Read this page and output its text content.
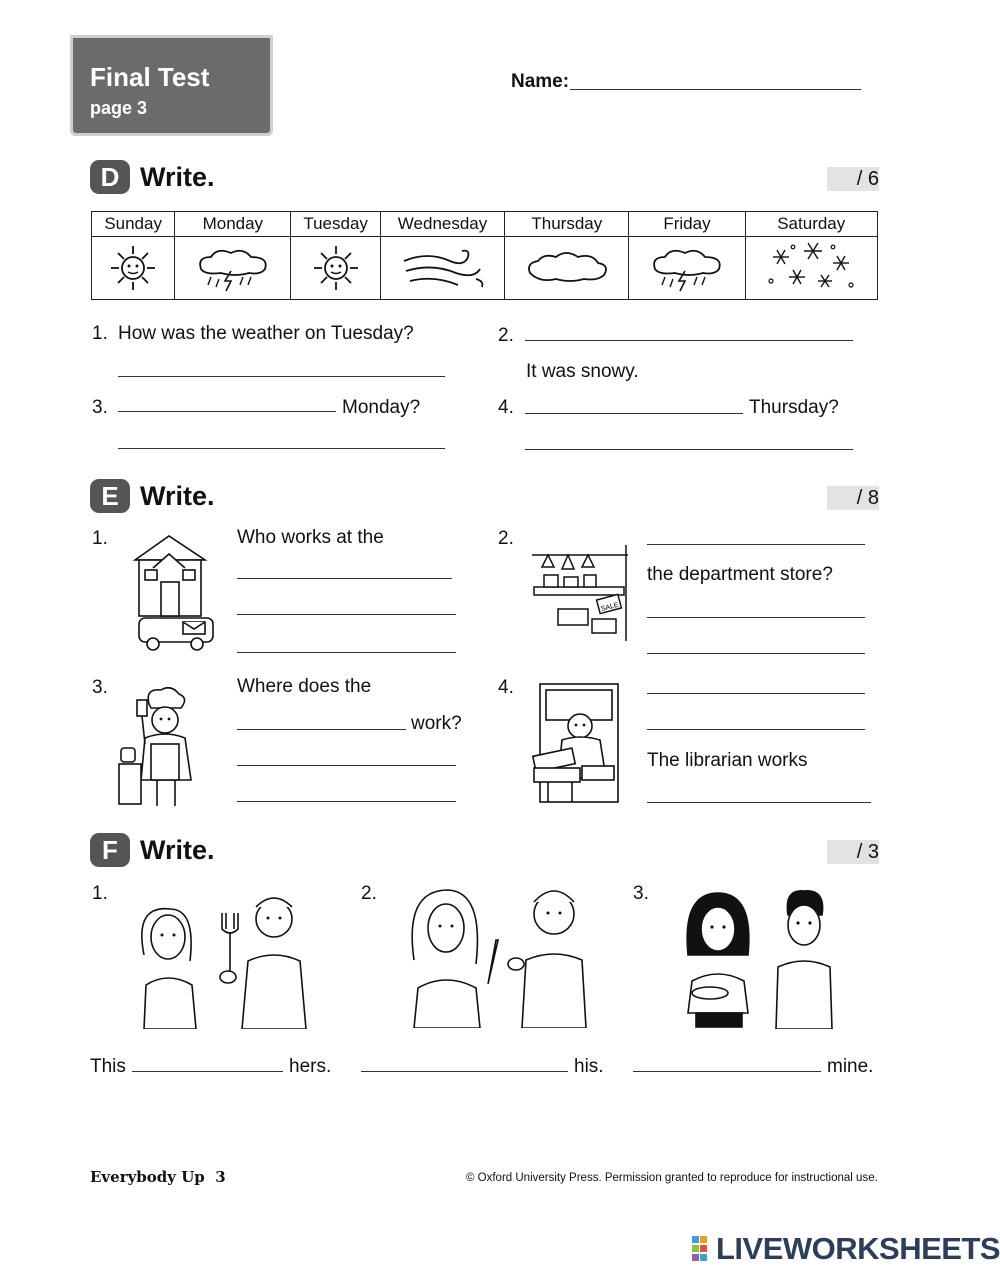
Final Test
page 3
Name:
D Write.	/ 6
Sunday	Monday	Tuesday	Wednesday	Thursday	Friday	Saturday

1. How was the weather on Tuesday?	2.
It was snowy.
3.	Monday?	4.	Thursday?
E Write.	/ 8
1.	Who works at the	2.
SALE
the department store?
3.	Where does the
work?
4.
The librarian works
F Write.	/ 3
1.
This	hers.
2.
his.
3.
mine.
Everybody Up 3	© Oxford University Press. Permission granted to reproduce for instructional use.
LIVEWORKSHEETS
